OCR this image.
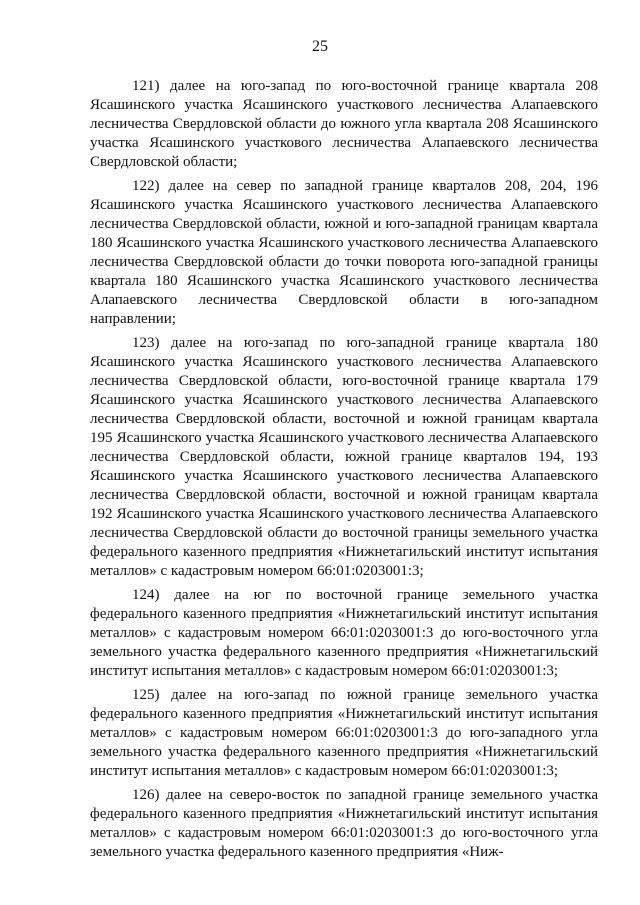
25

121) далее на юго-запад по юго-восточной границе квартала 208 Ясашинского участка Ясашинского участкового лесничества Алапаевского лесничества Свердловской области до южного угла квартала 208 Ясашинского участка Ясашинского участкового лесничества Алапаевского лесничества Свердловской области;

122) далее на север по западной границе кварталов 208, 204, 196 Ясашинского участка Ясашинского участкового лесничества Алапаевского лесничества Свердловской области, южной и юго-западной границам квартала 180 Ясашинского участка Ясашинского участкового лесничества Алапаевского лесничества Свердловской области до точки поворота юго-западной границы квартала 180 Ясашинского участка Ясашинского участкового лесничества Алапаевского лесничества Свердловской области в юго-западном направлении;

123) далее на юго-запад по юго-западной границе квартала 180 Ясашинского участка Ясашинского участкового лесничества Алапаевского лесничества Свердловской области, юго-восточной границе квартала 179 Ясашинского участка Ясашинского участкового лесничества Алапаевского лесничества Свердловской области, восточной и южной границам квартала 195 Ясашинского участка Ясашинского участкового лесничества Алапаевского лесничества Свердловской области, южной границе кварталов 194, 193 Ясашинского участка Ясашинского участкового лесничества Алапаевского лесничества Свердловской области, восточной и южной границам квартала 192 Ясашинского участка Ясашинского участкового лесничества Алапаевского лесничества Свердловской области до восточной границы земельного участка федерального казенного предприятия «Нижнетагильский институт испытания металлов» с кадастровым номером 66:01:0203001:3;

124) далее на юг по восточной границе земельного участка федерального казенного предприятия «Нижнетагильский институт испытания металлов» с кадастровым номером 66:01:0203001:3 до юго-восточного угла земельного участка федерального казенного предприятия «Нижнетагильский институт испытания металлов» с кадастровым номером 66:01:0203001:3;

125) далее на юго-запад по южной границе земельного участка федерального казенного предприятия «Нижнетагильский институт испытания металлов» с кадастровым номером 66:01:0203001:3 до юго-западного угла земельного участка федерального казенного предприятия «Нижнетагильский институт испытания металлов» с кадастровым номером 66:01:0203001:3;

126) далее на северо-восток по западной границе земельного участка федерального казенного предприятия «Нижнетагильский институт испытания металлов» с кадастровым номером 66:01:0203001:3 до юго-восточного угла земельного участка федерального казенного предприятия «Ниж-
